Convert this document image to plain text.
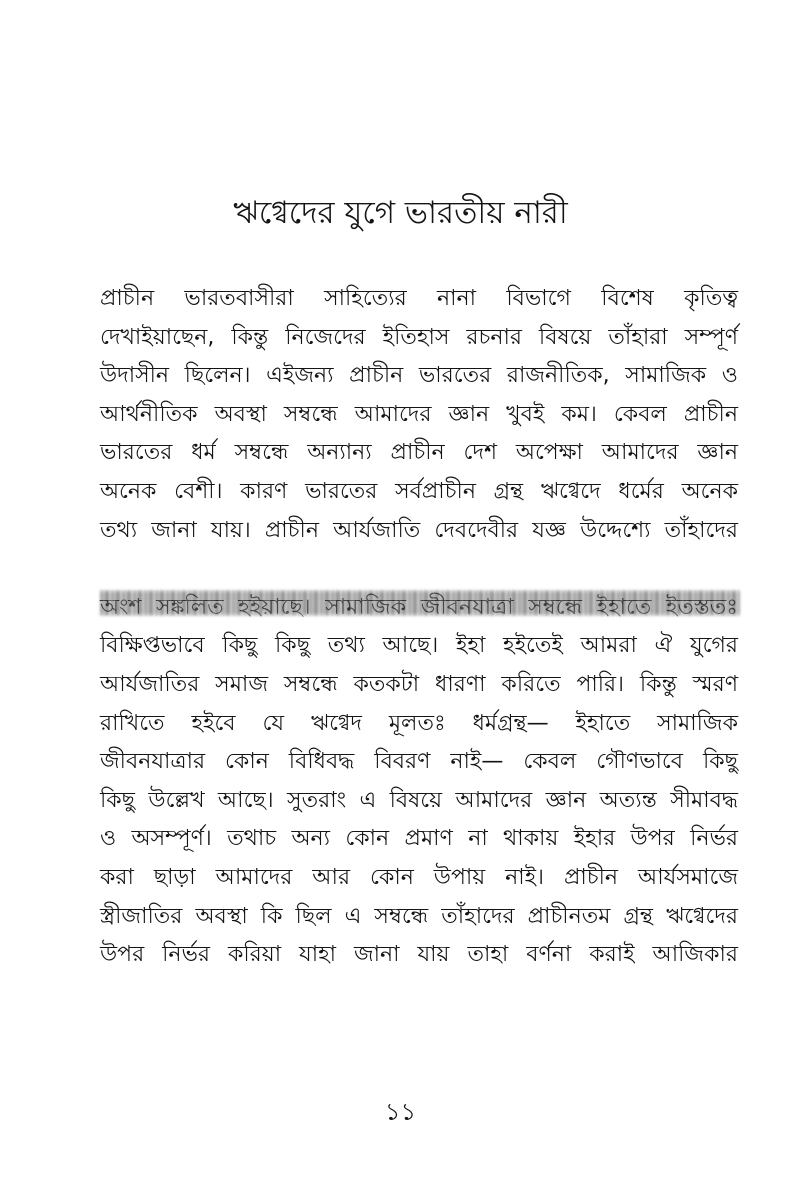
ঋগ্বেদের যুগে ভারতীয় নারী
প্রাচীন ভারতবাসীরা সাহিত্যের নানা বিভাগে বিশেষ কৃতিত্ব
দেখাইয়াছেন, কিন্তু নিজেদের ইতিহাস রচনার বিষয়ে তাঁহারা সম্পূর্ণ
উদাসীন ছিলেন। এইজন্য প্রাচীন ভারতের রাজনীতিক, সামাজিক ও
আর্থনীতিক অবস্থা সম্বন্ধে আমাদের জ্ঞান খুবই কম। কেবল প্রাচীন
ভারতের ধর্ম সম্বন্ধে অন্যান্য প্রাচীন দেশ অপেক্ষা আমাদের জ্ঞান
অনেক বেশী। কারণ ভারতের সর্বপ্রাচীন গ্রন্থ ঋগ্বেদে ধর্মের অনেক
তথ্য জানা যায়। প্রাচীন আর্যজাতি দেবদেবীর যজ্ঞ উদ্দেশ্যে তাঁহাদের
বিক্ষিপ্তভাবে কিছু কিছু তথ্য আছে। ইহা হইতেই আমরা ঐ যুগের
আর্যজাতির সমাজ সম্বন্ধে কতকটা ধারণা করিতে পারি। কিন্তু স্মরণ
রাখিতে হইবে যে ঋগ্বেদ মূলতঃ ধর্মগ্রন্থ— ইহাতে সামাজিক
জীবনযাত্রার কোন বিধিবদ্ধ বিবরণ নাই— কেবল গৌণভাবে কিছু
কিছু উল্লেখ আছে। সুতরাং এ বিষয়ে আমাদের জ্ঞান অত্যন্ত সীমাবদ্ধ
ও অসম্পূর্ণ। তথাচ অন্য কোন প্রমাণ না থাকায় ইহার উপর নির্ভর
করা ছাড়া আমাদের আর কোন উপায় নাই। প্রাচীন আর্যসমাজে
স্ত্রীজাতির অবস্থা কি ছিল এ সম্বন্ধে তাঁহাদের প্রাচীনতম গ্রন্থ ঋগ্বেদের
উপর নির্ভর করিয়া যাহা জানা যায় তাহা বর্ণনা করাই আজিকার
১১
